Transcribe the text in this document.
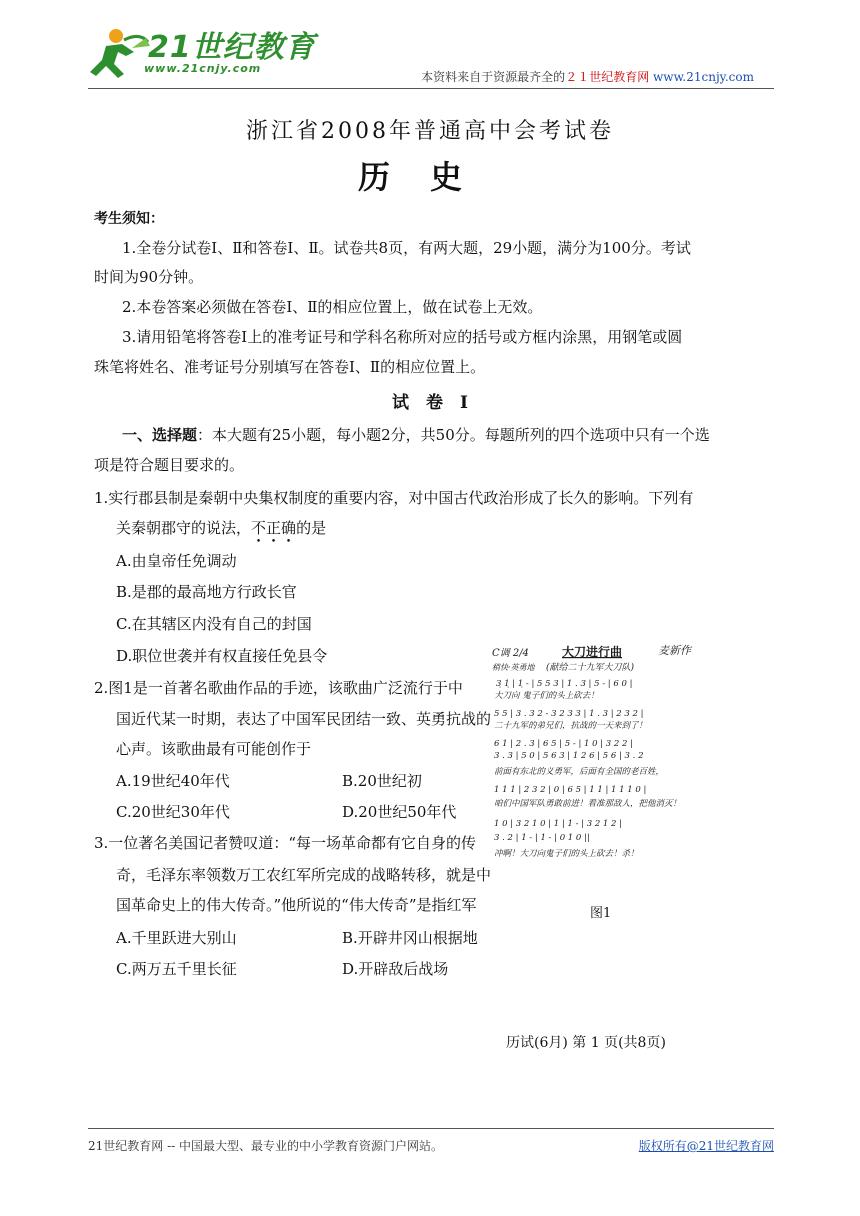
21世纪教育
www.21cnjy.com
本资料来自于资源最齐全的２１世纪教育网 www.21cnjy.com
浙江省2008年普通高中会考试卷
历史
考生须知：
1.全卷分试卷Ⅰ、Ⅱ和答卷Ⅰ、Ⅱ。试卷共8页，有两大题，29小题，满分为100分。考试
时间为90分钟。
2.本卷答案必须做在答卷Ⅰ、Ⅱ的相应位置上，做在试卷上无效。
3.请用铅笔将答卷Ⅰ上的准考证号和学科名称所对应的括号或方框内涂黑，用钢笔或圆
珠笔将姓名、准考证号分别填写在答卷Ⅰ、Ⅱ的相应位置上。
试　卷　Ⅰ
一、选择题：本大题有25小题，每小题2分，共50分。每题所列的四个选项中只有一个选
项是符合题目要求的。
1.实行郡县制是秦朝中央集权制度的重要内容，对中国古代政治形成了长久的影响。下列有
关秦朝郡守的说法，不正确的是
A.由皇帝任免调动
B.是郡的最高地方行政长官
C.在其辖区内没有自己的封国
D.职位世袭并有权直接任免县令
2.图1是一首著名歌曲作品的手迹，该歌曲广泛流行于中
国近代某一时期，表达了中国军民团结一致、英勇抗战的
心声。该歌曲最有可能创作于
A.19世纪40年代	B.20世纪初
C.20世纪30年代	D.20世纪50年代
3.一位著名美国记者赞叹道：“每一场革命都有它自身的传
奇，毛泽东率领数万工农红军所完成的战略转移，就是中
国革命史上的伟大传奇。”他所说的“伟大传奇”是指红军
A.千里跃进大别山	B.开辟井冈山根据地
C.两万五千里长征	D.开辟敌后战场
C调 2/4	大刀进行曲	麦新作
稍快·英勇地 (献给二十九军大刀队)
3̣ 1̣ | 1̣ - | 5 5 3 | 1 . 3 | 5 - | 6 0 |
大刀向 鬼子们的头上砍去！
5 5 | 3 . 3 2 - 3 2 3 3 | 1 . 3 | 2 3 2 |
二十九军的弟兄们，抗战的一天来到了！
6 1 | 2 . 3 | 6 5 | 5 - | 1 0 | 3 2 2 |
3 . 3 | 5 0 | 5 6 3 | 1 2 6 | 5 6 | 3 . 2
前面有东北的义勇军，后面有全国的老百姓，
1 1 1 | 2 3 2 | 0 | 6 5 | 1 1 | 1 1 1 0 |
咱们中国军队勇敢前进！看准那敌人，把他消灭！
1 0 | 3 2 1 0 | 1 | 1 - | 3 2 1 2 |
3 . 2 | 1 - | 1 - | 0 1 0 ||
冲啊！大刀向鬼子们的头上砍去！杀！
图1
历试(6月) 第 1 页(共8页)
21世纪教育网 -- 中国最大型、最专业的中小学教育资源门户网站。	版权所有@21世纪教育网
